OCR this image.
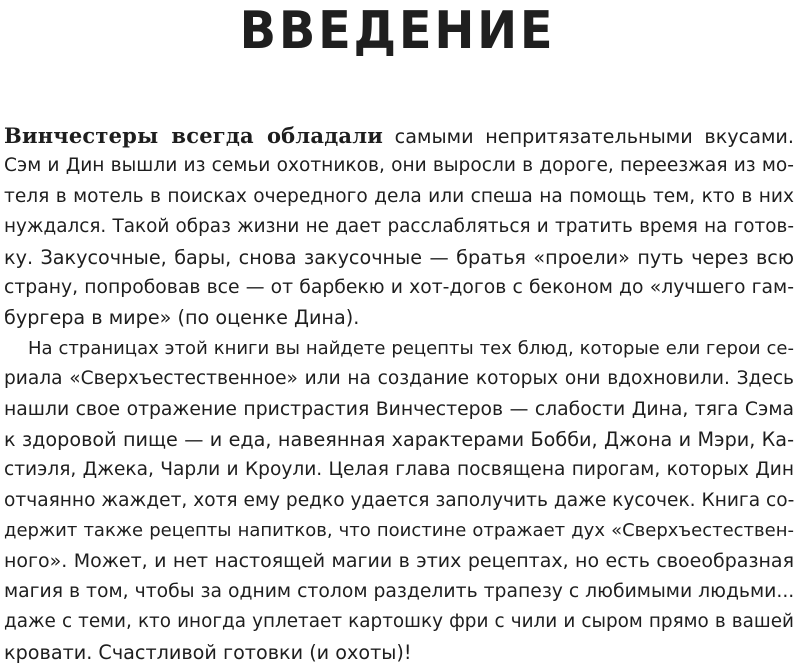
ВВЕДЕНИЕ
Винчестеры всегда обладали самыми непритязательными вкусами.
Сэм и Дин вышли из семьи охотников, они выросли в дороге, переезжая из мо-
теля в мотель в поисках очередного дела или спеша на помощь тем, кто в них
нуждался. Такой образ жизни не дает расслабляться и тратить время на готов-
ку. Закусочные, бары, снова закусочные — братья «проели» путь через всю
страну, попробовав все — от барбекю и хот-догов с беконом до «лучшего гам-
бургера в мире» (по оценке Дина).
На страницах этой книги вы найдете рецепты тех блюд, которые ели герои се-
риала «Сверхъестественное» или на создание которых они вдохновили. Здесь
нашли свое отражение пристрастия Винчестеров — слабости Дина, тяга Сэма
к здоровой пище — и еда, навеянная характерами Бобби, Джона и Мэри, Ка-
стиэля, Джека, Чарли и Кроули. Целая глава посвящена пирогам, которых Дин
отчаянно жаждет, хотя ему редко удается заполучить даже кусочек. Книга со-
держит также рецепты напитков, что поистине отражает дух «Сверхъестествен-
ного». Может, и нет настоящей магии в этих рецептах, но есть своеобразная
магия в том, чтобы за одним столом разделить трапезу с любимыми людьми...
даже с теми, кто иногда уплетает картошку фри с чили и сыром прямо в вашей
кровати. Счастливой готовки (и охоты)!
